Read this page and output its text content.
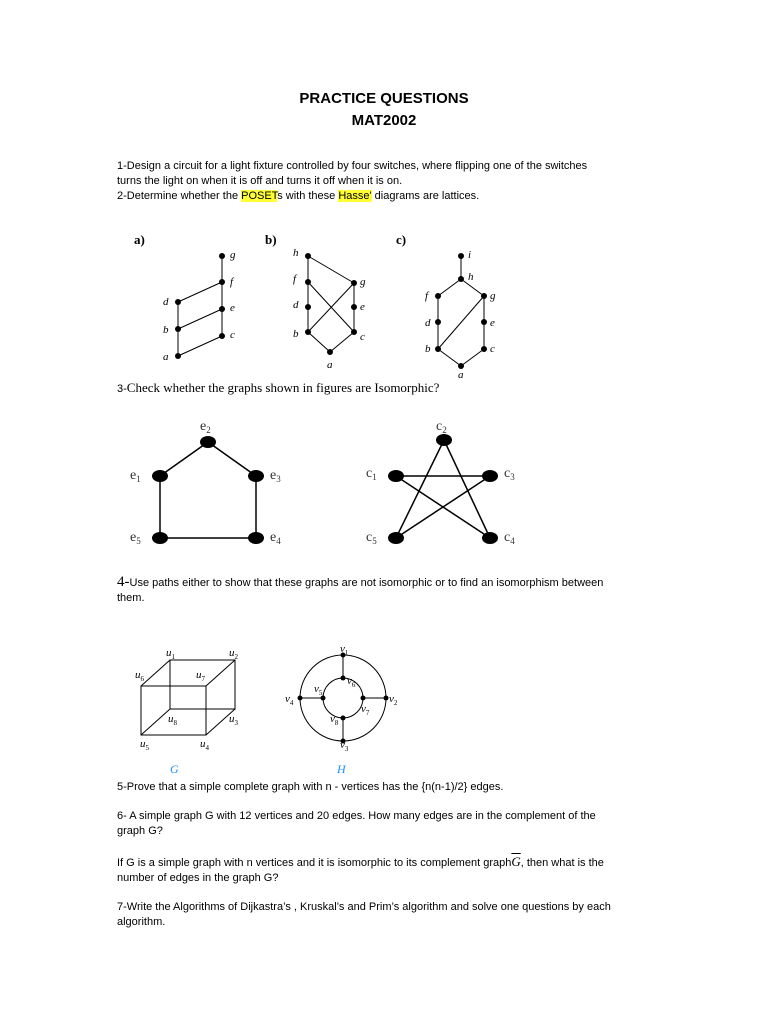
PRACTICE QUESTIONS
MAT2002
1-Design a circuit for a light fixture controlled by four switches, where flipping one of the switches
turns the light on when it is off and turns it off when it is on.
2-Determine whether the POSETs with these Hasse' diagrams are lattices.
a)
g
f
e
d
c
b
a
b)
h
f	g
d	e
b	c
a
c)
i
h
f	g
d	e
b	c
a
3-Check whether the graphs shown in figures are Isomorphic?
$e_2$
$e_1$	$e_3$
$e_5$	$e_4$
$c_2$
$c_1$	$c_3$
$c_5$	$c_4$
4-Use paths either to show that these graphs are not isomorphic or to find an isomorphism between
them.
$u_1$	$u_2$
$u_3$
$u_4$
$u_5$
$u_6$	$u_7$
$u_8$
$v_1$
$v_2$
$v_3$
$v_4$
$v_5$
$v_6$
$v_7$
$v_8$
G	H
5-Prove that a simple complete graph with n - vertices has the {n(n-1)/2} edges.
6- A simple graph G with 12 vertices and 20 edges. How many edges are in the complement of the
graph G?
If G is a simple graph with n vertices and it is isomorphic to its complement $graph\overline{G}$, then what is the
number of edges in the graph G?
7-Write the Algorithms of Dijkastra’s , Kruskal’s and Prim’s algorithm and solve one questions by each
algorithm.
